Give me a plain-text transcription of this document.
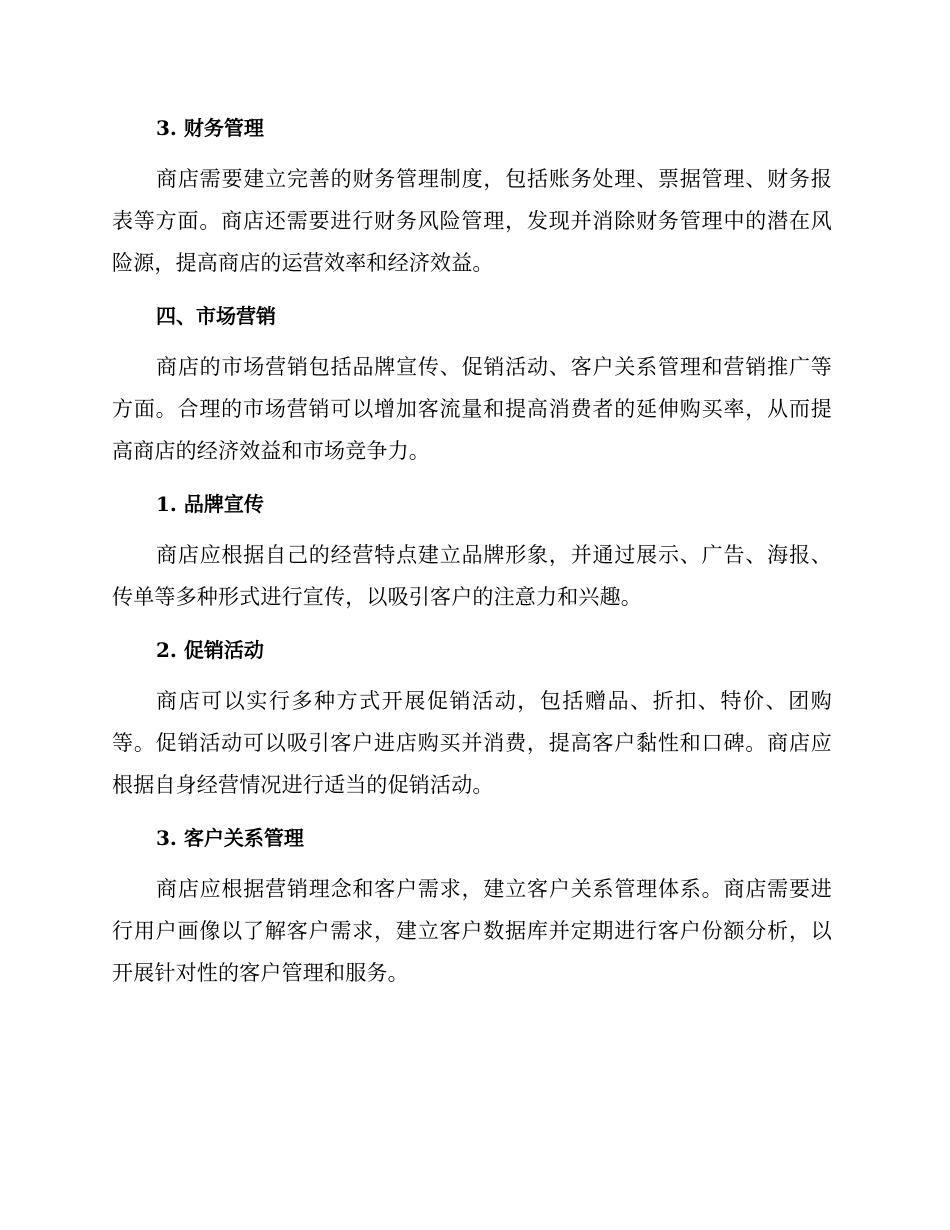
3. 财务管理

商店需要建立完善的财务管理制度，包括账务处理、票据管理、财务报表等方面。商店还需要进行财务风险管理，发现并消除财务管理中的潜在风险源，提高商店的运营效率和经济效益。

四、市场营销

商店的市场营销包括品牌宣传、促销活动、客户关系管理和营销推广等方面。合理的市场营销可以增加客流量和提高消费者的延伸购买率，从而提高商店的经济效益和市场竞争力。

1. 品牌宣传

商店应根据自己的经营特点建立品牌形象，并通过展示、广告、海报、传单等多种形式进行宣传，以吸引客户的注意力和兴趣。

2. 促销活动

商店可以实行多种方式开展促销活动，包括赠品、折扣、特价、团购等。促销活动可以吸引客户进店购买并消费，提高客户黏性和口碑。商店应根据自身经营情况进行适当的促销活动。

3. 客户关系管理

商店应根据营销理念和客户需求，建立客户关系管理体系。商店需要进行用户画像以了解客户需求，建立客户数据库并定期进行客户份额分析，以开展针对性的客户管理和服务。
